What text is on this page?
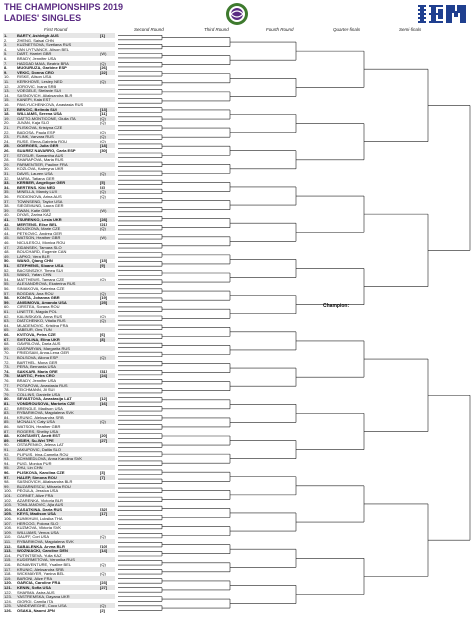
THE CHAMPIONSHIPS 2019
LADIES' SINGLES
First Round	Second Round	Third Round	Fourth Round	Quarter-finals	Semi-finals
1.	BARTY, Ashleigh AUS	[1]
2.	ZHENG, Saisai CHN
3.	KUZNETSOVA, Svetlana RUS
4.	VAN UYTVANCK, Alison BEL
5.	DART, Harriet GBR	(W)
6.	BRADY, Jennifer USA
7.	HADDAD MAIA, Beatriz BRA	(Q)
8.	MUGURUZA, Garbine ESP	[26]
9.	VEKIC, Donna CRO	[22]
10.	RISKE, Alison USA
11.	KERKHOVE, Lesley NED	(Q)
12.	JOROVIC, Ivana SRB
13.	VOEGELE, Stefanie SUI
14.	SASNOVICH, Aliaksandra BLR
15.	KANEPI, Kaia EST
16.	PAVLYUCHENKOVA, Anastasia RUS
17.	BENCIC, Belinda SUI	[13]
18.	WILLIAMS, Serena USA	[11]
19.	GATTO-MONTICONE, Giulia ITA	(Q)
20.	JUVAN, Kaja SLO	(Q)
21.	PLISKOVA, Kristyna CZE
22.	BADOSA, Paula ESP	(Q)
23.	FLINK, Varvara RUS	(Q)
24.	RUSE, Elena-Gabriela ROU	(Q)
25.	GOERGES, Julia GER	[18]
26.	SUAREZ NAVARRO, Carla ESP	[30]
27.	STOSUR, Samantha AUS
28.	SHARAPOVA, Maria RUS
29.	PARMENTIER, Pauline FRA
30.	KOZLOVA, Kateryna UKR
31.	DAVIS, Lauren USA	(Q)
32.	MARIA, Tatjana GER
33.	KERBER, Angelique GER	[5]
34.	BERTENS, Kiki NED	[4]
35.	MINELLA, Mandy LUX	(Q)
36.	RODIONOVA, Arina AUS	(Q)
37.	TOWNSEND, Taylor USA
38.	SIEGEMUND, Laura GER
39.	SWAN, Katie GBR	(W)
40.	DIYAS, Zarina KAZ
41.	TSURENKO, Lesia UKR	[28]
42.	MERTENS, Elise BEL	[21]
43.	BOUZKOVA, Marie CZE	(Q)
44.	PETKOVIC, Andrea GER
45.	WATSON, Heather GBR	(W)
46.	NICULESCU, Monica ROU
47.	ZIDANSEK, Tamara SLO
48.	BOUCHARD, Eugenie CAN
49.	LAPKO, Vera BLR
50.	WANG, Qiang CHN	[15]
51.	STEPHENS, Sloane USA	[9]
52.	BACSINSZKY, Timea SUI
53.	WANG, Yafan CHN
54.	MATTHEWS, Tamara CZE	(Q)
55.	ALEXANDROVA, Ekaterina RUS
56.	SINIAKOVA, Katerina CZE
57.	BOGDAN, Ana ROU	(Q)
58.	KONTA, Johanna GBR	[19]
59.	ANISIMOVA, Amanda USA	[25]
60.	CIRSTEA, Sorana ROU
61.	LINETTE, Magda POL
62.	KALINSKAYA, Anna RUS	(Q)
63.	DIATCHENKO, Vitalia RUS	(Q)
64.	MLADENOVIC, Kristina FRA
65.	JABEUR, Ons TUN
66.	KVITOVA, Petra CZE	[6]
67.	SVITOLINA, Elina UKR	[8]
68.	GAVRILOVA, Daria AUS
69.	GASPARYAN, Margarita RUS
70.	FRIEDSAM, Anna-Lena GER
71.	BOLSOVA, Aliona ESP	(Q)
72.	BARTHEL, Mona GER
73.	PERA, Bernarda USA
74.	SAKKARI, Maria GRE	[31]
75.	MARTIC, Petra CRO	[24]
76.	BRADY, Jennifer USA
77.	POTAPOVA, Anastasia RUS
78.	TEICHMANN, Jil SUI
79.	COLLINS, Danielle USA
80.	SEVASTOVA, Anastasija LAT	[12]
81.	VONDROUSOVA, Marketa CZE	[16]
82.	BRENGLE, Madison USA
83.	RYBARIKOVA, Magdalena SVK
84.	KRUNIC, Aleksandra SRB
85.	MCNALLY, Caty USA	(Q)
86.	WATSON, Heather GBR
87.	ROGERS, Shelby USA
88.	KONTAVEIT, Anett EST	[20]
89.	HSIEH, Su-Wei TPE	[27]
90.	OSTAPENKO, Jelena LAT
91.	JAKUPOVIC, Dalila SLO
92.	PLIPUIS, Irina-Camelia ROU
93.	SCHMIEDLOVA, Anna Karolina SVK
94.	PUIG, Monica PUR
95.	ZHU, Lin CHN
96.	PLISKOVA, Karolina CZE	[3]
97.	HALEP, Simona ROU	[7]
98.	SASNOVICH, Aliaksandra BLR
99.	BUZARNESCU, Mihaela ROU
100.	PEGULA, Jessica USA
101.	CORNET, Alize FRA
102.	AZARENKA, Victoria BLR
103.	TOMLJANOVIC, Ajla AUS
104.	KASATKINA, Daria RUS	[32]
105.	KEYS, Madison USA	[17]
106.	KUMKHUM, Luksika THA
107.	HERCOG, Polona SLO
108.	KUZMOVA, Viktoria SVK
109.	WILLIAMS, Venus USA
110.	GAUFF, Cori USA	(Q)
111.	RYBARIKOVA, Magdalena SVK
112.	SABALENKA, Aryna BLR	[10]
113.	WOZNIACKI, Caroline DEN	[14]
114.	PUTINTSEVA, Yulia KAZ
115.	KUDERMETOVA, Veronika RUS
116.	BONAVENTURE, Ysaline BEL	(Q)
117.	KRUNIC, Aleksandra SRB
118.	WICKMAYER, Yanina BEL	(Q)
119.	BARONI, Alize FRA
120.	GARCIA, Caroline FRA	[23]
121.	KENIN, Sofia USA	[27]
122.	SHARMA, Astra AUS
123.	YASTREMSKA, Dayana UKR
124.	GIORGI, Camila ITA
125.	VANDEWEGHE, Coco USA	(Q)
126.	OSAKA, Naomi JPN	[2]
Champion:
